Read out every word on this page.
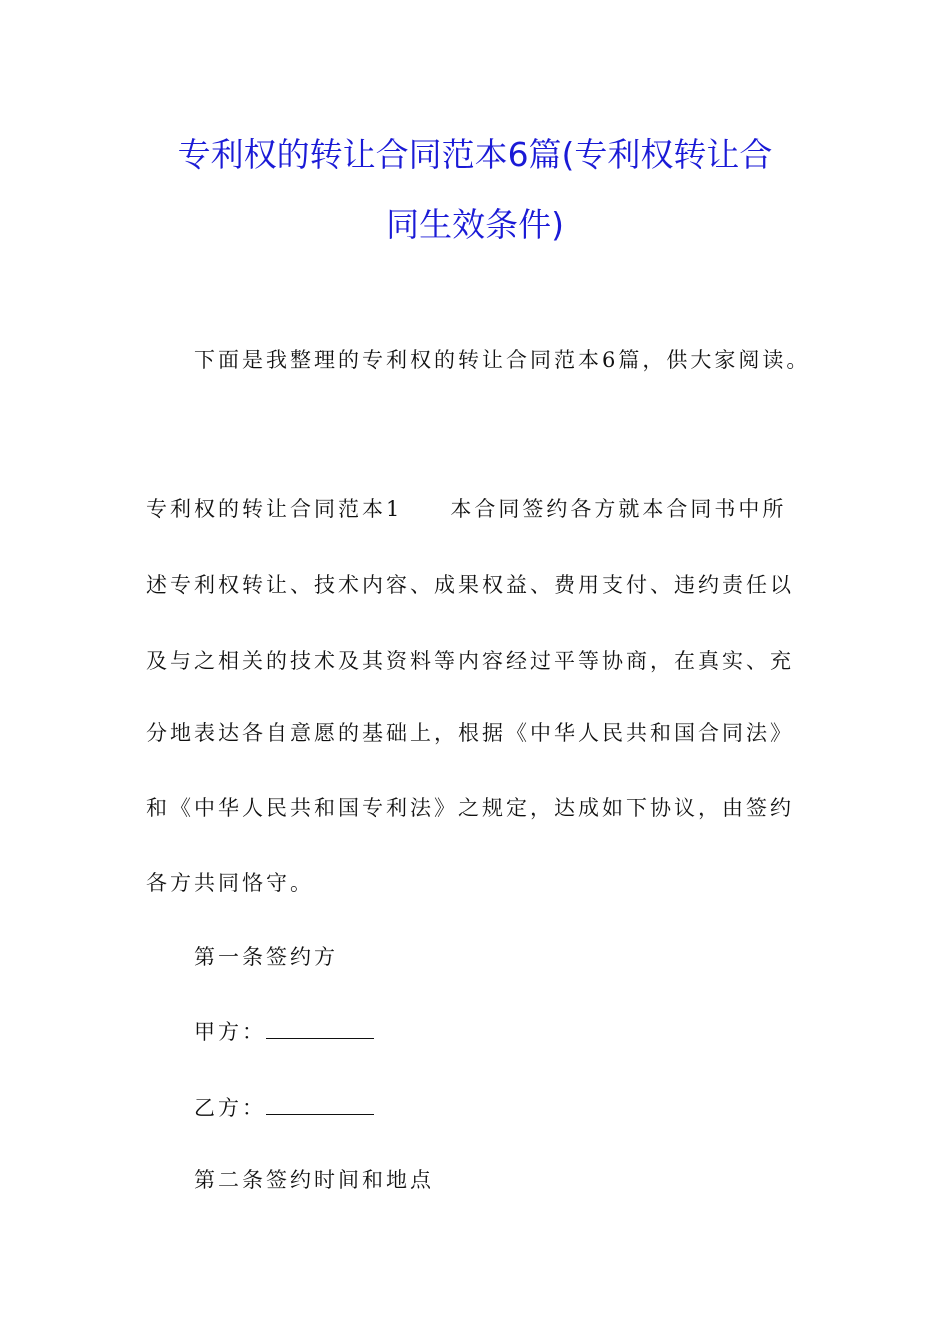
专利权的转让合同范本6篇(专利权转让合
同生效条件)
下面是我整理的专利权的转让合同范本6篇，供大家阅读。
专利权的转让合同范本1　　本合同签约各方就本合同书中所
述专利权转让、技术内容、成果权益、费用支付、违约责任以
及与之相关的技术及其资料等内容经过平等协商，在真实、充
分地表达各自意愿的基础上，根据《中华人民共和国合同法》
和《中华人民共和国专利法》之规定，达成如下协议，由签约
各方共同恪守。
第一条签约方
甲方：
乙方：
第二条签约时间和地点
